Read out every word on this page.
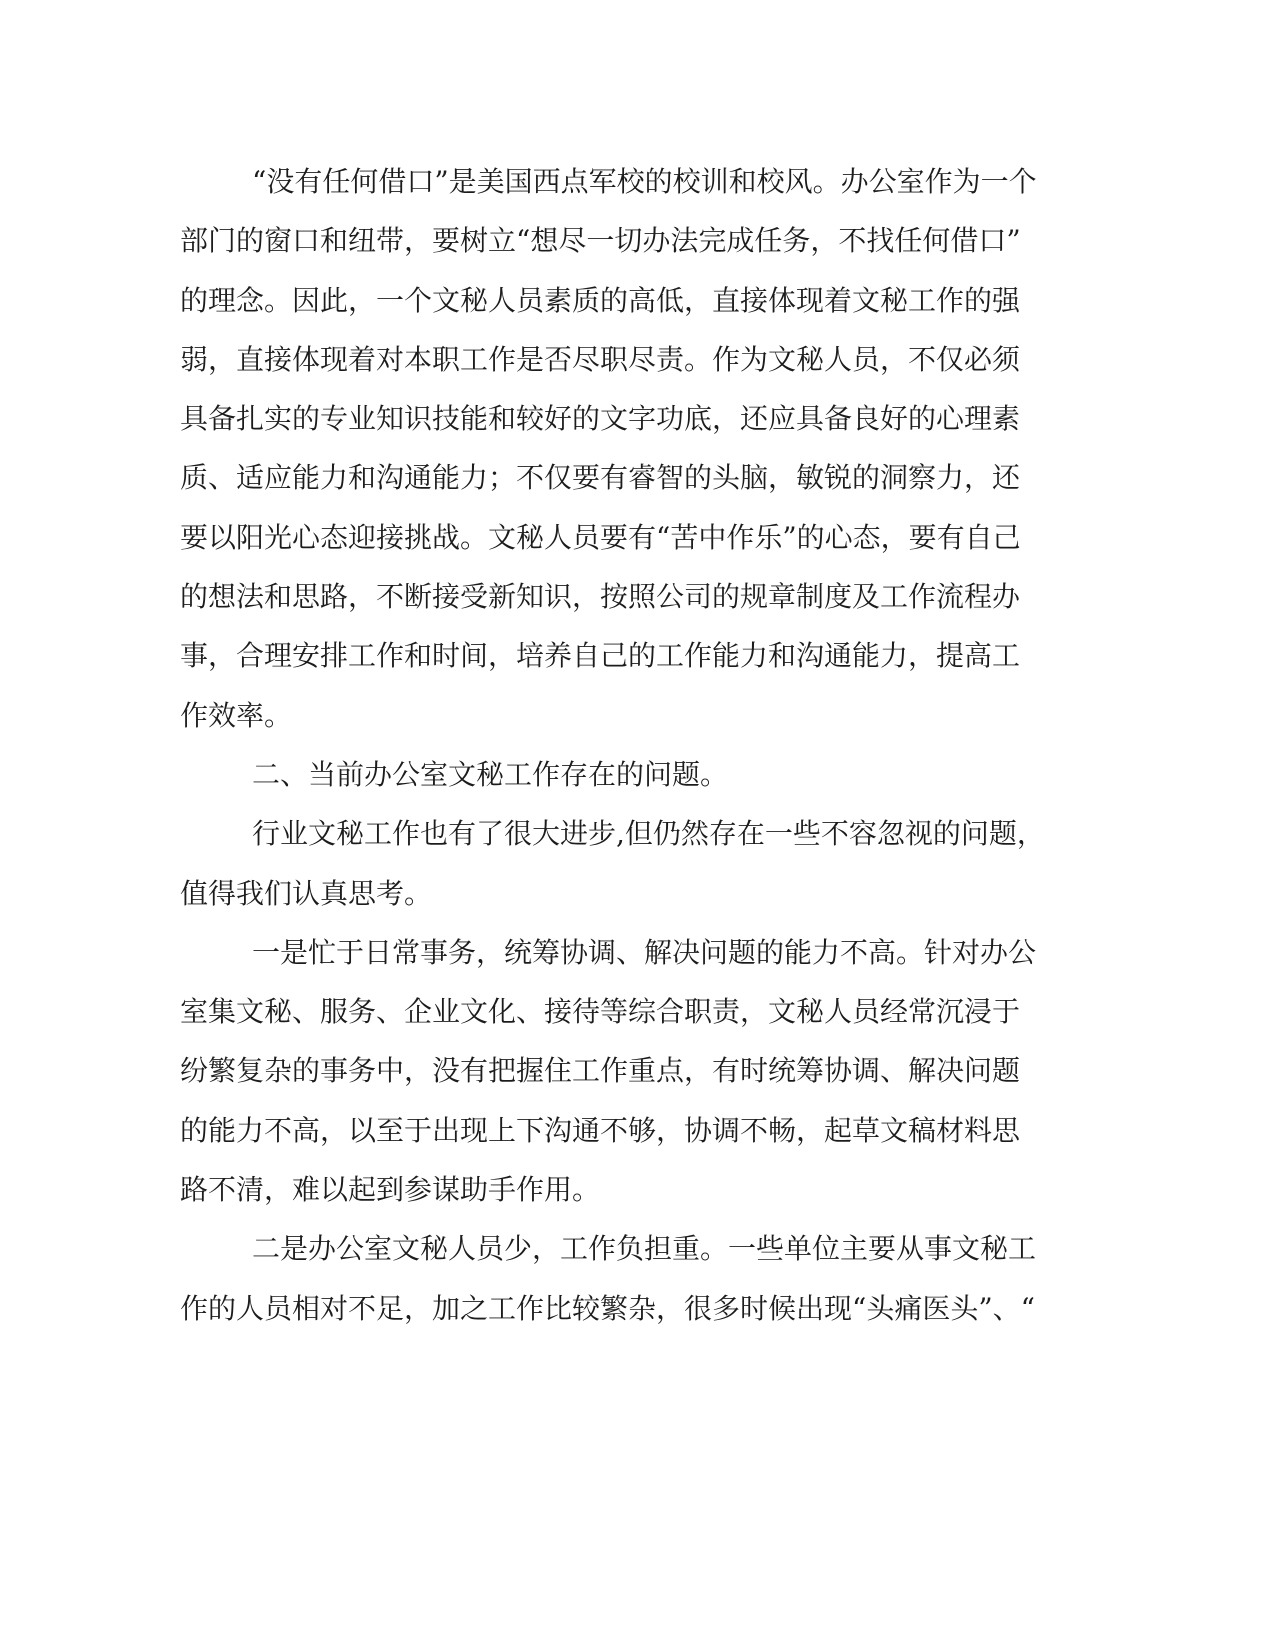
“没有任何借口”是美国西点军校的校训和校风。办公室作为一个
部门的窗口和纽带，要树立“想尽一切办法完成任务，不找任何借口”
的理念。因此，一个文秘人员素质的高低，直接体现着文秘工作的强
弱，直接体现着对本职工作是否尽职尽责。作为文秘人员，不仅必须
具备扎实的专业知识技能和较好的文字功底，还应具备良好的心理素
质、适应能力和沟通能力；不仅要有睿智的头脑，敏锐的洞察力，还
要以阳光心态迎接挑战。文秘人员要有“苦中作乐”的心态，要有自己
的想法和思路，不断接受新知识，按照公司的规章制度及工作流程办
事，合理安排工作和时间，培养自己的工作能力和沟通能力，提高工
作效率。
二、当前办公室文秘工作存在的问题。
行业文秘工作也有了很大进步,但仍然存在一些不容忽视的问题，
值得我们认真思考。
一是忙于日常事务，统筹协调、解决问题的能力不高。针对办公
室集文秘、服务、企业文化、接待等综合职责，文秘人员经常沉浸于
纷繁复杂的事务中，没有把握住工作重点，有时统筹协调、解决问题
的能力不高，以至于出现上下沟通不够，协调不畅，起草文稿材料思
路不清，难以起到参谋助手作用。
二是办公室文秘人员少，工作负担重。一些单位主要从事文秘工
作的人员相对不足，加之工作比较繁杂，很多时候出现“头痛医头”、“
